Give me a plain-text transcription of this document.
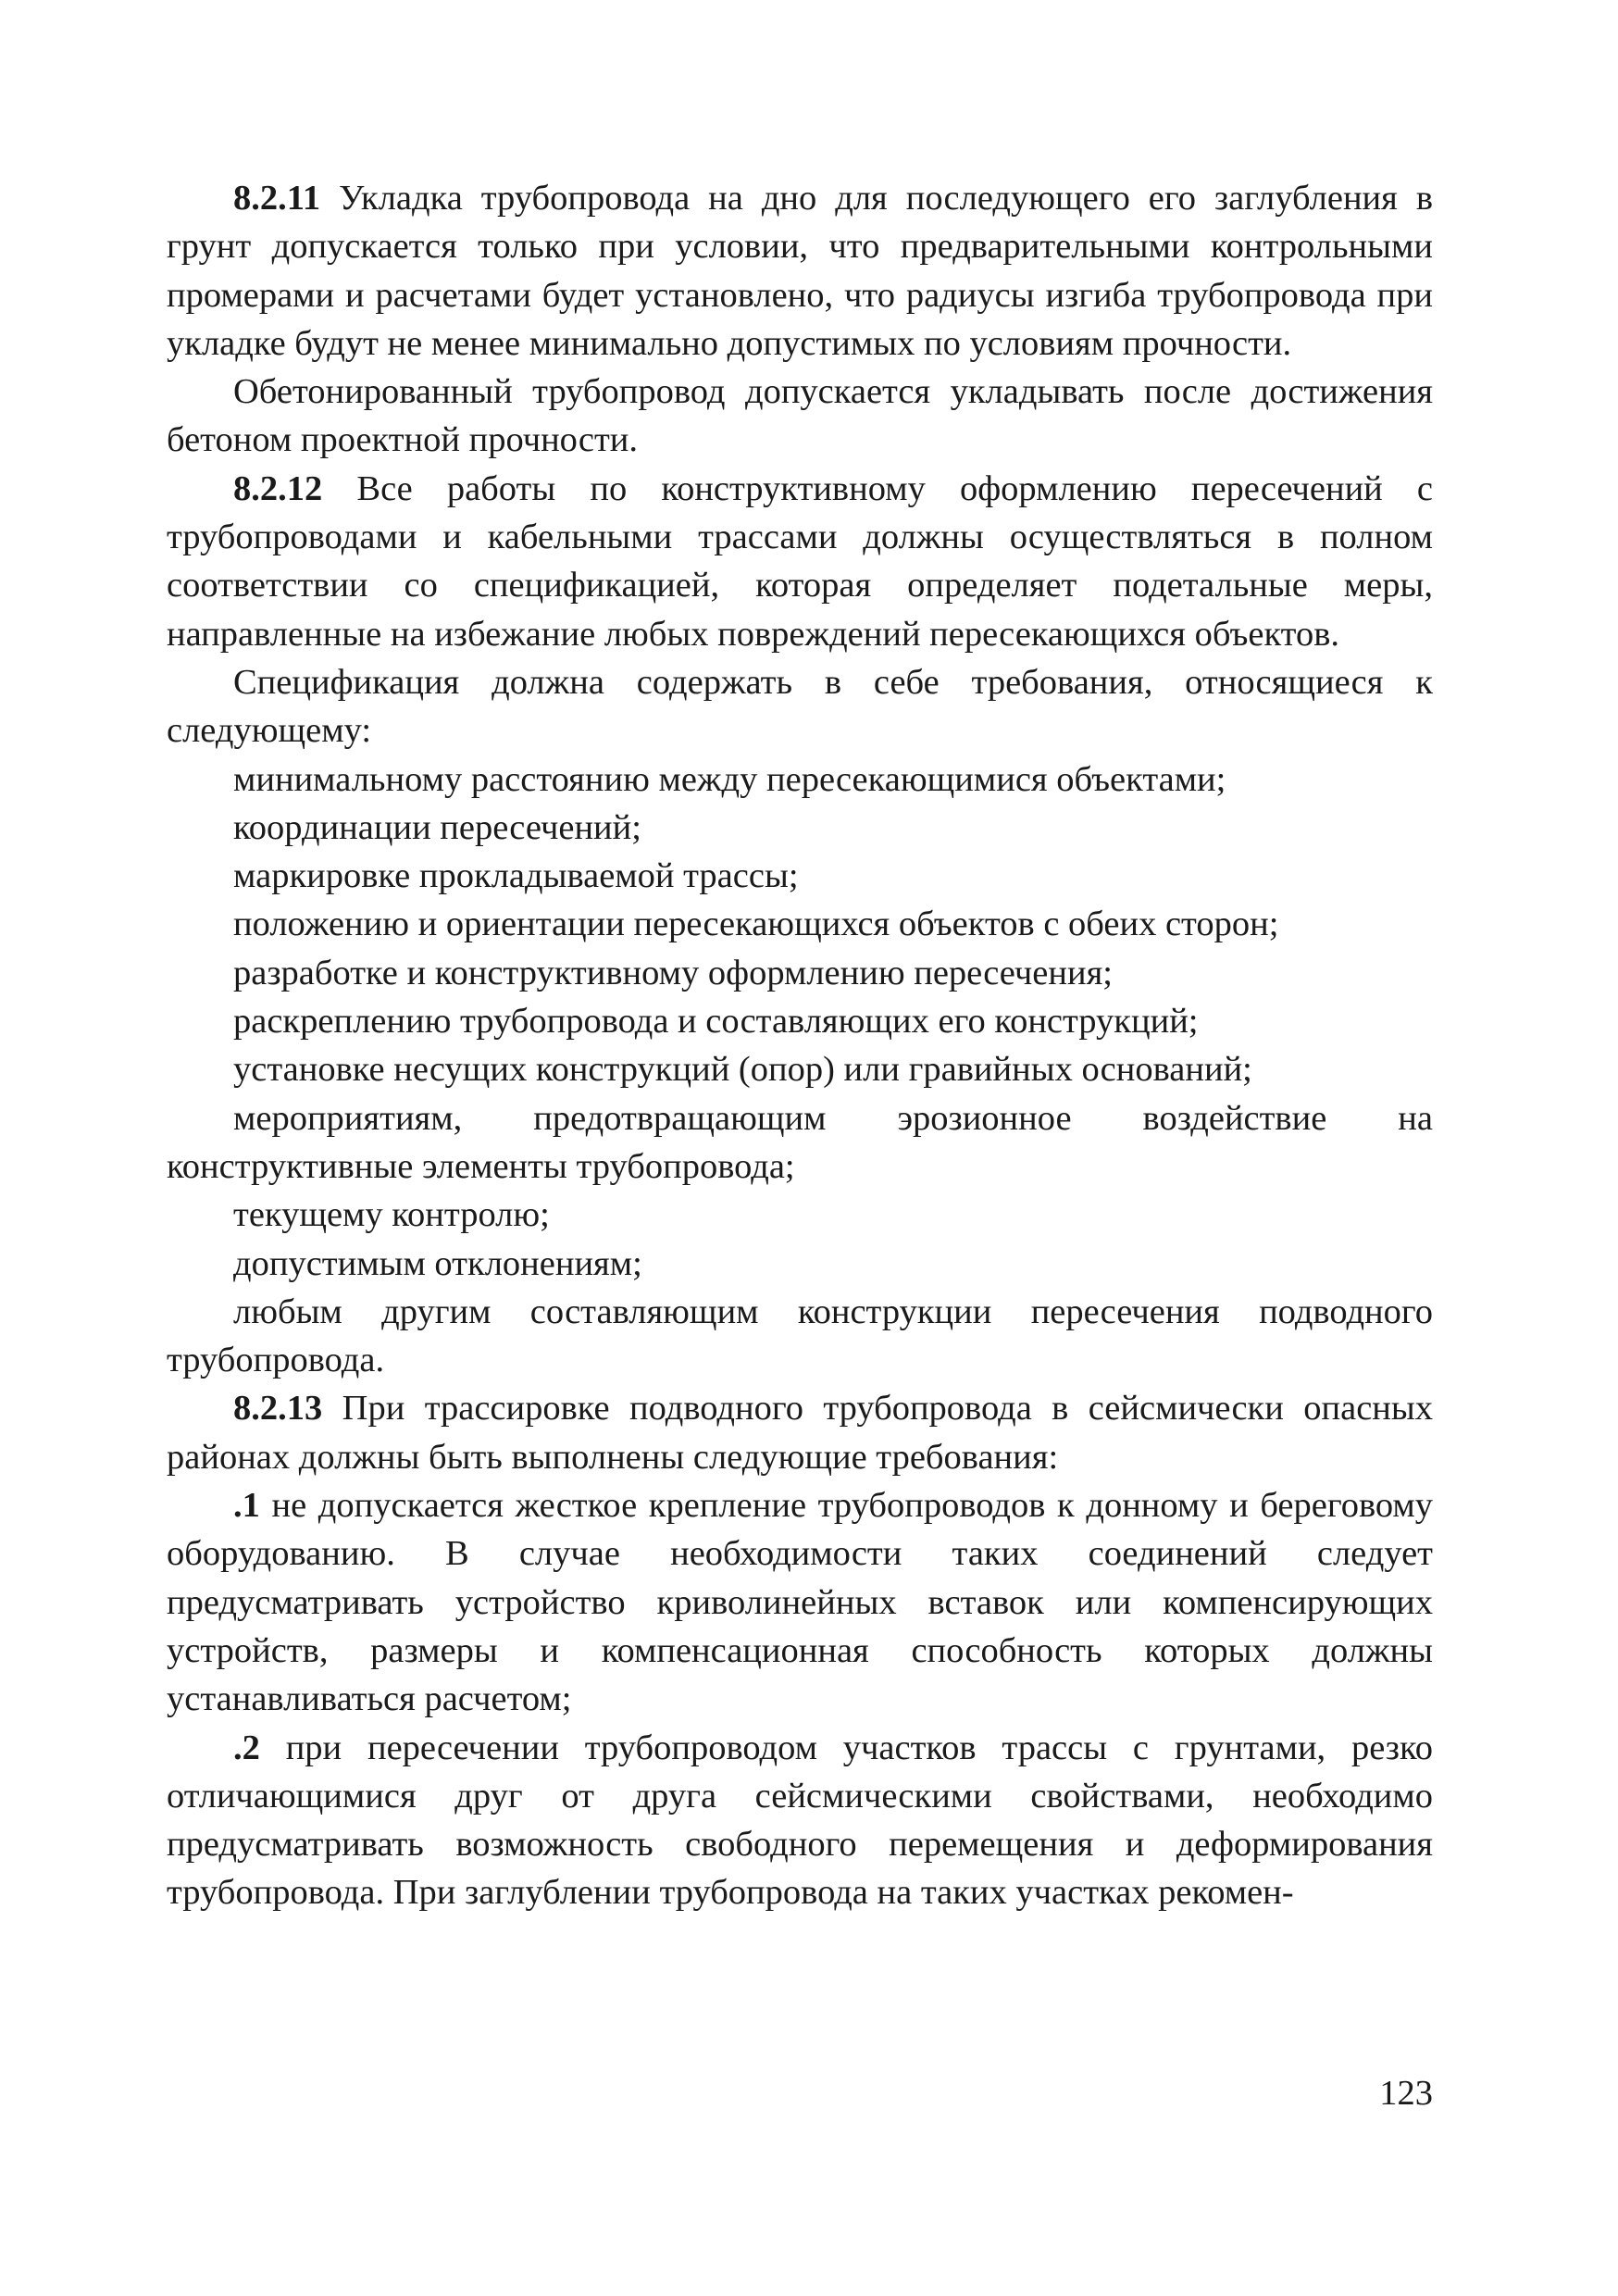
8.2.11 Укладка трубопровода на дно для последующего его заглубления в грунт допускается только при условии, что предварительными контрольными промерами и расчетами будет установлено, что радиусы изгиба трубопровода при укладке будут не менее минимально допустимых по условиям прочности.

Обетонированный трубопровод допускается укладывать после достижения бетоном проектной прочности.

8.2.12 Все работы по конструктивному оформлению пересечений с трубопроводами и кабельными трассами должны осуществляться в полном соответствии со спецификацией, которая определяет подетальные меры, направленные на избежание любых повреждений пересекающихся объектов.

Спецификация должна содержать в себе требования, относящиеся к следующему:

минимальному расстоянию между пересекающимися объектами;

координации пересечений;

маркировке прокладываемой трассы;

положению и ориентации пересекающихся объектов с обеих сторон;

разработке и конструктивному оформлению пересечения;

раскреплению трубопровода и составляющих его конструкций;

установке несущих конструкций (опор) или гравийных оснований;

мероприятиям, предотвращающим эрозионное воздействие на конструктивные элементы трубопровода;

текущему контролю;

допустимым отклонениям;

любым другим составляющим конструкции пересечения подводного трубопровода.

8.2.13 При трассировке подводного трубопровода в сейсмически опасных районах должны быть выполнены следующие требования:

.1 не допускается жесткое крепление трубопроводов к донному и береговому оборудованию. В случае необходимости таких соединений следует предусматривать устройство криволинейных вставок или компенсирующих устройств, размеры и компенсационная способность которых должны устанавливаться расчетом;

.2 при пересечении трубопроводом участков трассы с грунтами, резко отличающимися друг от друга сейсмическими свойствами, необходимо предусматривать возможность свободного перемещения и деформирования трубопровода. При заглублении трубопровода на таких участках рекомен-

123
